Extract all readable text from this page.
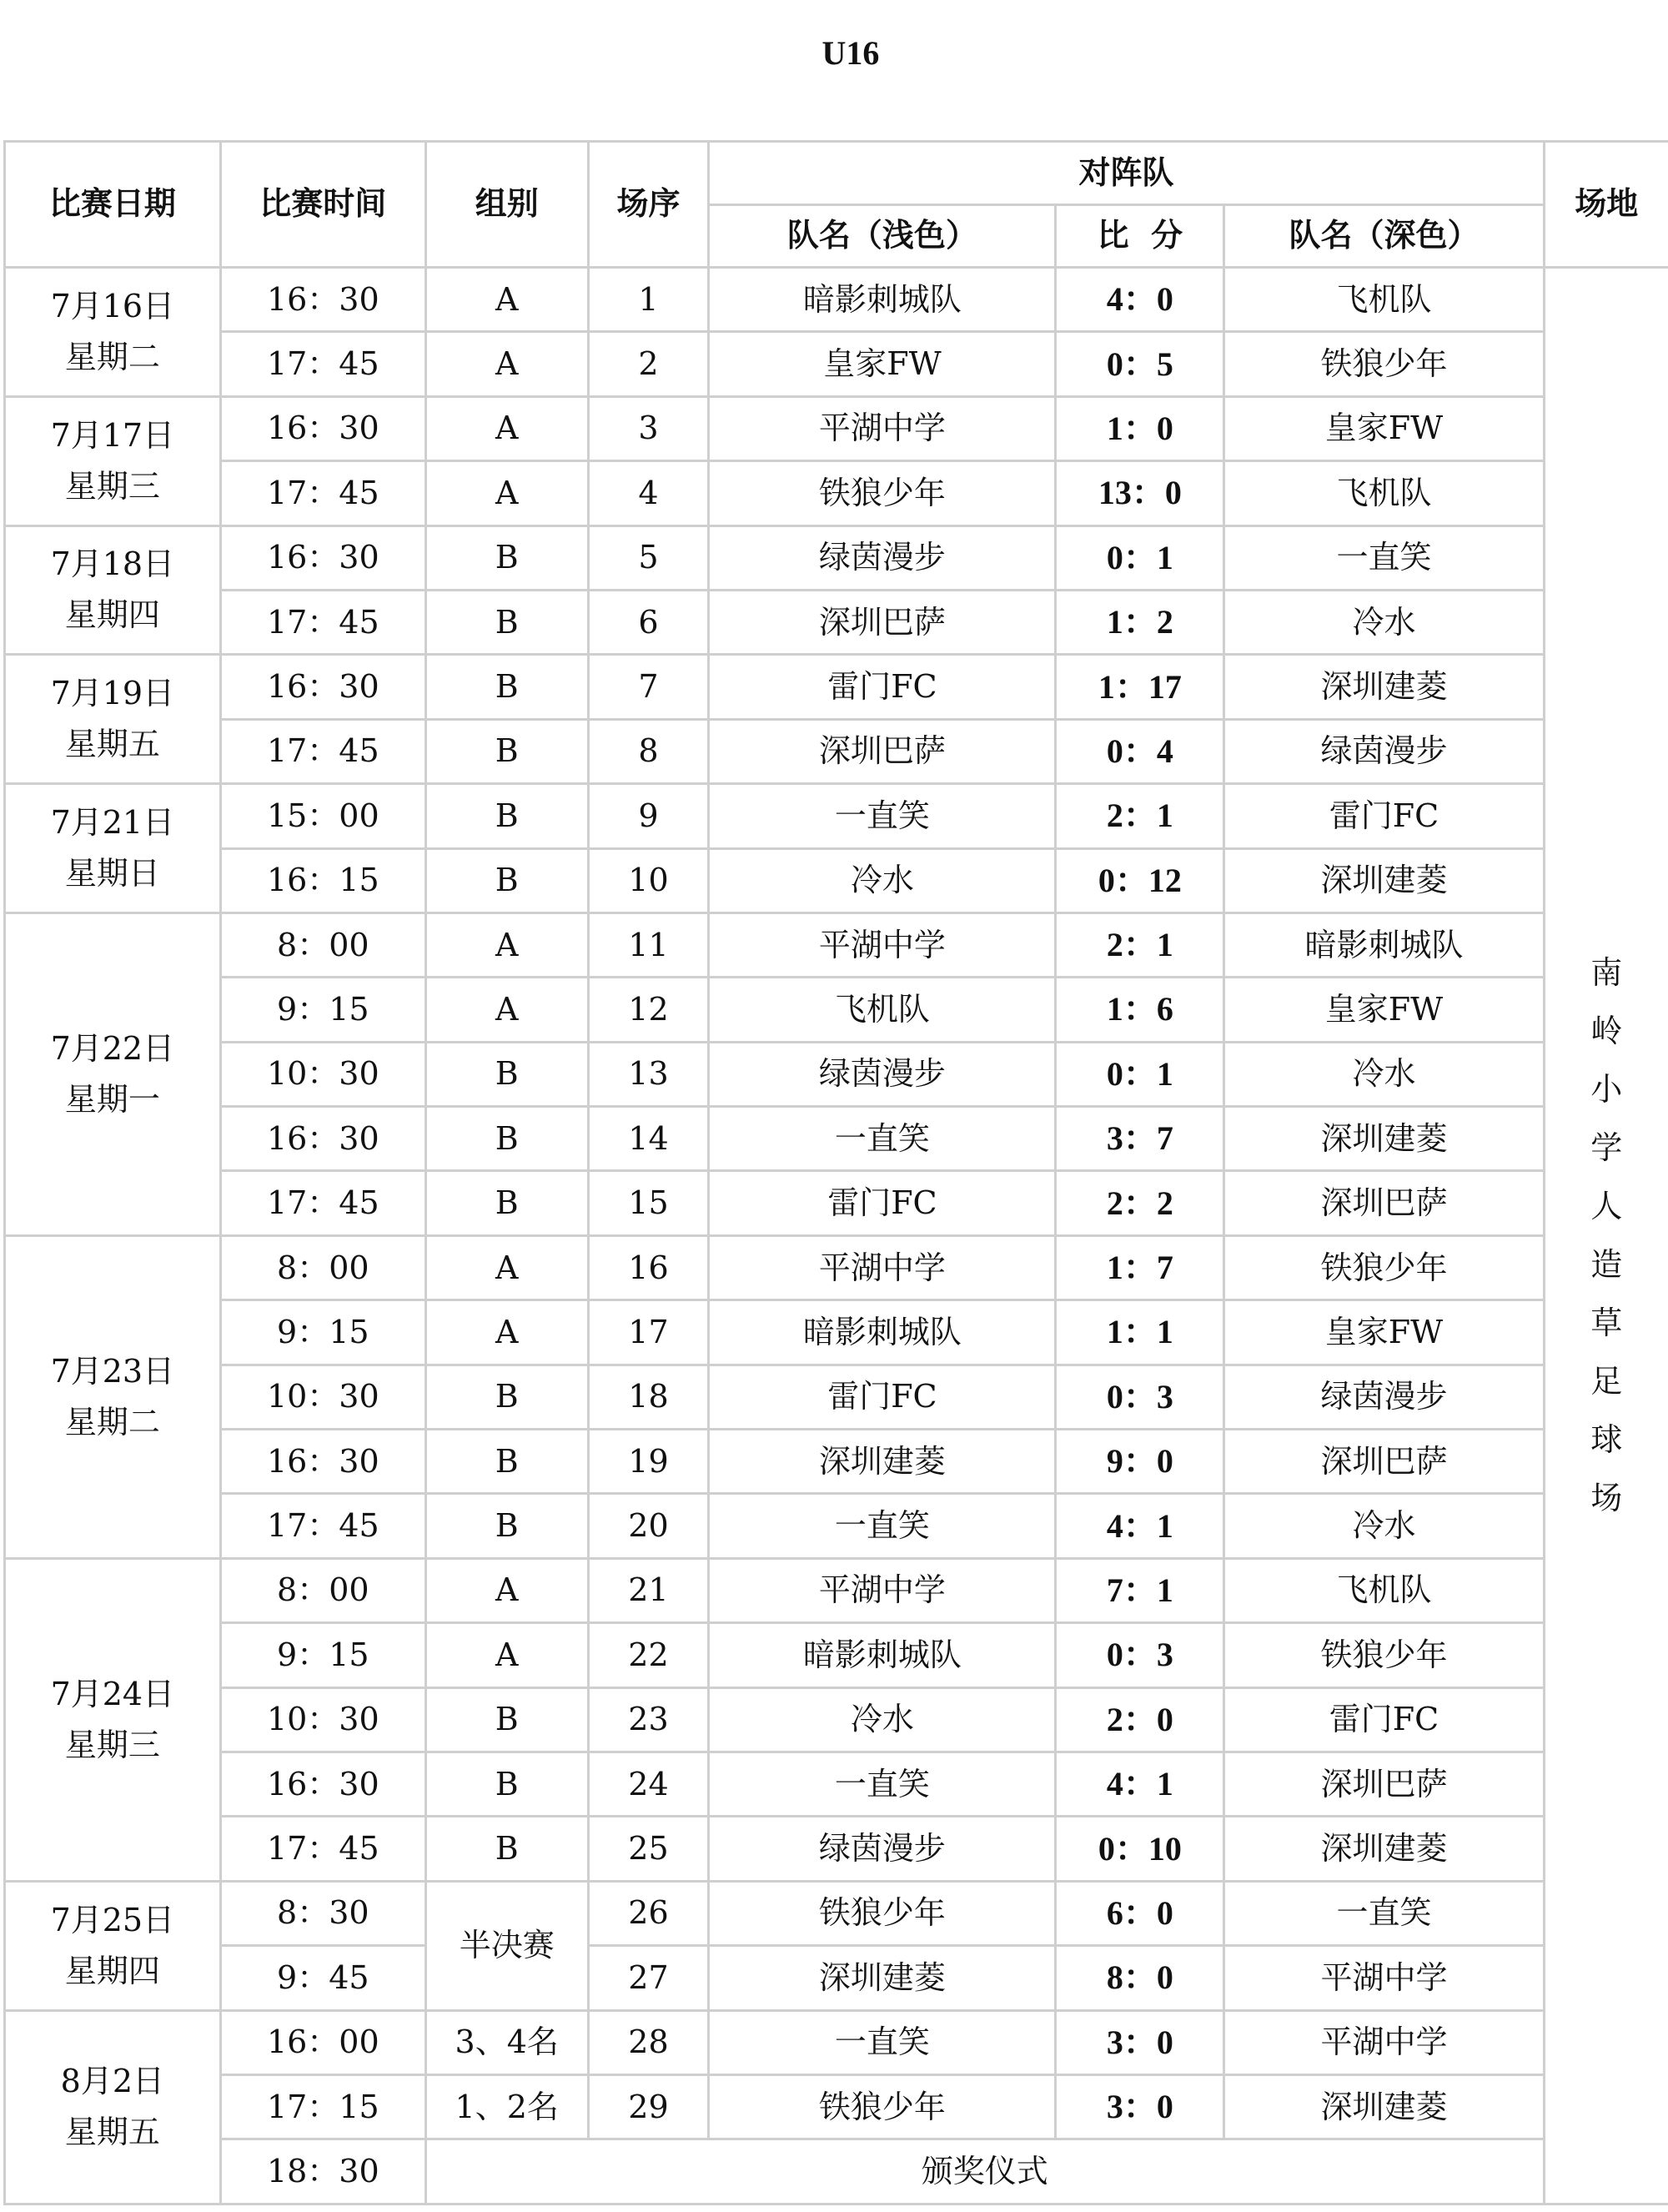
U16
比赛日期	比赛时间	组别	场序	对阵队			场地
				队名（浅色）	比  分	队名（深色）	

7月16日
星期二	16：30	A	1	暗影刺城队	4：0	飞机队	南岭小学人造草足球场
	17：45	A	2	皇家FW	0：5	铁狼少年	

7月17日
星期三	16：30	A	3	平湖中学	1：0	皇家FW	
	17：45	A	4	铁狼少年	13：0	飞机队	

7月18日
星期四	16：30	B	5	绿茵漫步	0：1	一直笑	
	17：45	B	6	深圳巴萨	1：2	冷水	

7月19日
星期五	16：30	B	7	雷门FC	1：17	深圳建菱	
	17：45	B	8	深圳巴萨	0：4	绿茵漫步	

7月21日
星期日	15：00	B	9	一直笑	2：1	雷门FC	
	16：15	B	10	冷水	0：12	深圳建菱	

7月22日
星期一	8：00	A	11	平湖中学	2：1	暗影刺城队	
	9：15	A	12	飞机队	1：6	皇家FW	
	10：30	B	13	绿茵漫步	0：1	冷水	
	16：30	B	14	一直笑	3：7	深圳建菱	
	17：45	B	15	雷门FC	2：2	深圳巴萨	

7月23日
星期二	8：00	A	16	平湖中学	1：7	铁狼少年	
	9：15	A	17	暗影刺城队	1：1	皇家FW	
	10：30	B	18	雷门FC	0：3	绿茵漫步	
	16：30	B	19	深圳建菱	9：0	深圳巴萨	
	17：45	B	20	一直笑	4：1	冷水	

7月24日
星期三	8：00	A	21	平湖中学	7：1	飞机队	
	9：15	A	22	暗影刺城队	0：3	铁狼少年	
	10：30	B	23	冷水	2：0	雷门FC	
	16：30	B	24	一直笑	4：1	深圳巴萨	
	17：45	B	25	绿茵漫步	0：10	深圳建菱	

7月25日
星期四	8：30	半决赛	26	铁狼少年	6：0	一直笑	
	9：45		27	深圳建菱	8：0	平湖中学	

8月2日
星期五	16：00	3、4名	28	一直笑	3：0	平湖中学	
	17：15	1、2名	29	铁狼少年	3：0	深圳建菱	
	18：30	颁奖仪式					
